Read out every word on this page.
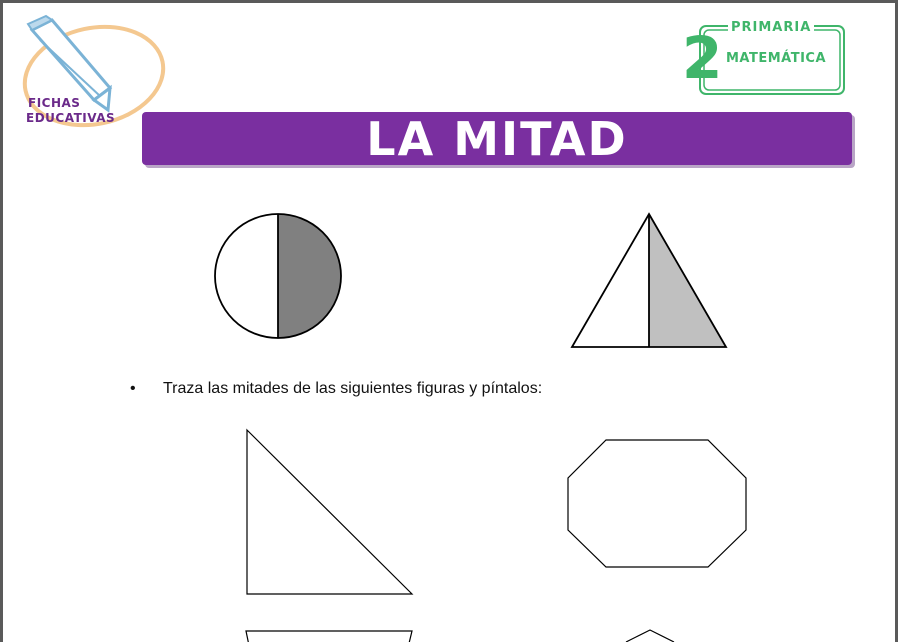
FICHAS
EDUCATIVAS
PRIMARIA
2 MATEMÁTICA
LA MITAD
• Traza las mitades de las siguientes figuras y píntalos:
